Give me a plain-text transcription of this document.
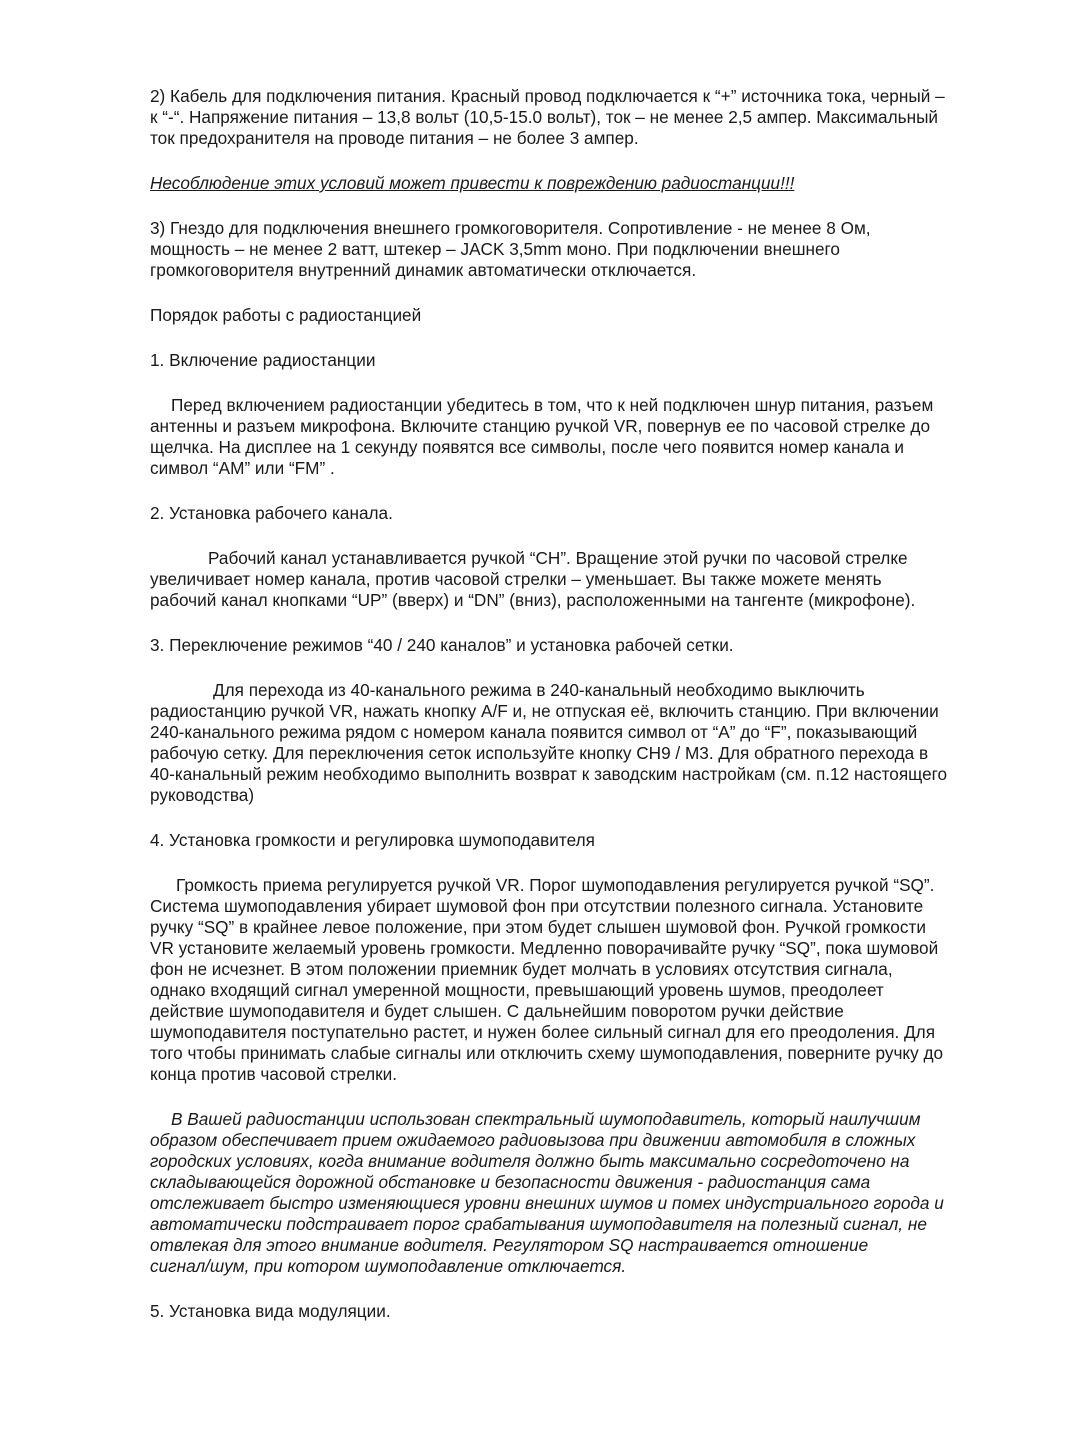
2) Кабель для подключения питания. Красный провод подключается к “+” источника тока, черный –
к “-“. Напряжение питания – 13,8 вольт (10,5-15.0 вольт), ток – не менее 2,5 ампер. Максимальный
ток предохранителя на проводе питания – не более 3 ампер.
Несоблюдение этих условий может привести к повреждению радиостанции!!!
3) Гнездо для подключения внешнего громкоговорителя. Сопротивление - не менее 8 Ом,
мощность – не менее 2 ватт, штекер – JACK 3,5mm моно. При подключении внешнего
громкоговорителя внутренний динамик автоматически отключается.
Порядок работы с радиостанцией
1. Включение радиостанции
Перед включением радиостанции убедитесь в том, что к ней подключен шнур питания, разъем
антенны и разъем микрофона. Включите станцию ручкой VR, повернув ее по часовой стрелке до
щелчка. На дисплее на 1 секунду появятся все символы, после чего появится номер канала и
символ “AM” или “FM” .
2. Установка рабочего канала.
Рабочий канал устанавливается ручкой “CH”. Вращение этой ручки по часовой стрелке
увеличивает номер канала, против часовой стрелки – уменьшает. Вы также можете менять
рабочий канал кнопками “UP” (вверх) и “DN” (вниз), расположенными на тангенте (микрофоне).
3. Переключение режимов “40 / 240 каналов” и установка рабочей сетки.
Для перехода из 40-канального режима в 240-канальный необходимо выключить
радиостанцию ручкой VR, нажать кнопку A/F и, не отпуская её, включить станцию. При включении
240-канального режима рядом с номером канала появится символ от “A” до “F”, показывающий
рабочую сетку. Для переключения сеток используйте кнопку CH9 / M3. Для обратного перехода в
40-канальный режим необходимо выполнить возврат к заводским настройкам (см. п.12 настоящего
руководства)
4. Установка громкости и регулировка шумоподавителя
Громкость приема регулируется ручкой VR. Порог шумоподавления регулируется ручкой “SQ”.
Система шумоподавления убирает шумовой фон при отсутствии полезного сигнала. Установите
ручку “SQ” в крайнее левое положение, при этом будет слышен шумовой фон. Ручкой громкости
VR установите желаемый уровень громкости. Медленно поворачивайте ручку “SQ”, пока шумовой
фон не исчезнет. В этом положении приемник будет молчать в условиях отсутствия сигнала,
однако входящий сигнал умеренной мощности, превышающий уровень шумов, преодолеет
действие шумоподавителя и будет слышен. С дальнейшим поворотом ручки действие
шумоподавителя поступательно растет, и нужен более сильный сигнал для его преодоления. Для
того чтобы принимать слабые сигналы или отключить схему шумоподавления, поверните ручку до
конца против часовой стрелки.
В Вашей радиостанции использован спектральный шумоподавитель, который наилучшим
образом обеспечивает прием ожидаемого радиовызова при движении автомобиля в сложных
городских условиях, когда внимание водителя должно быть максимально сосредоточено на
складывающейся дорожной обстановке и безопасности движения - радиостанция сама
отслеживает быстро изменяющиеся уровни внешних шумов и помех индустриального города и
автоматически подстраивает порог срабатывания шумоподавителя на полезный сигнал, не
отвлекая для этого внимание водителя. Регулятором SQ настраивается отношение
сигнал/шум, при котором шумоподавление отключается.
5. Установка вида модуляции.
